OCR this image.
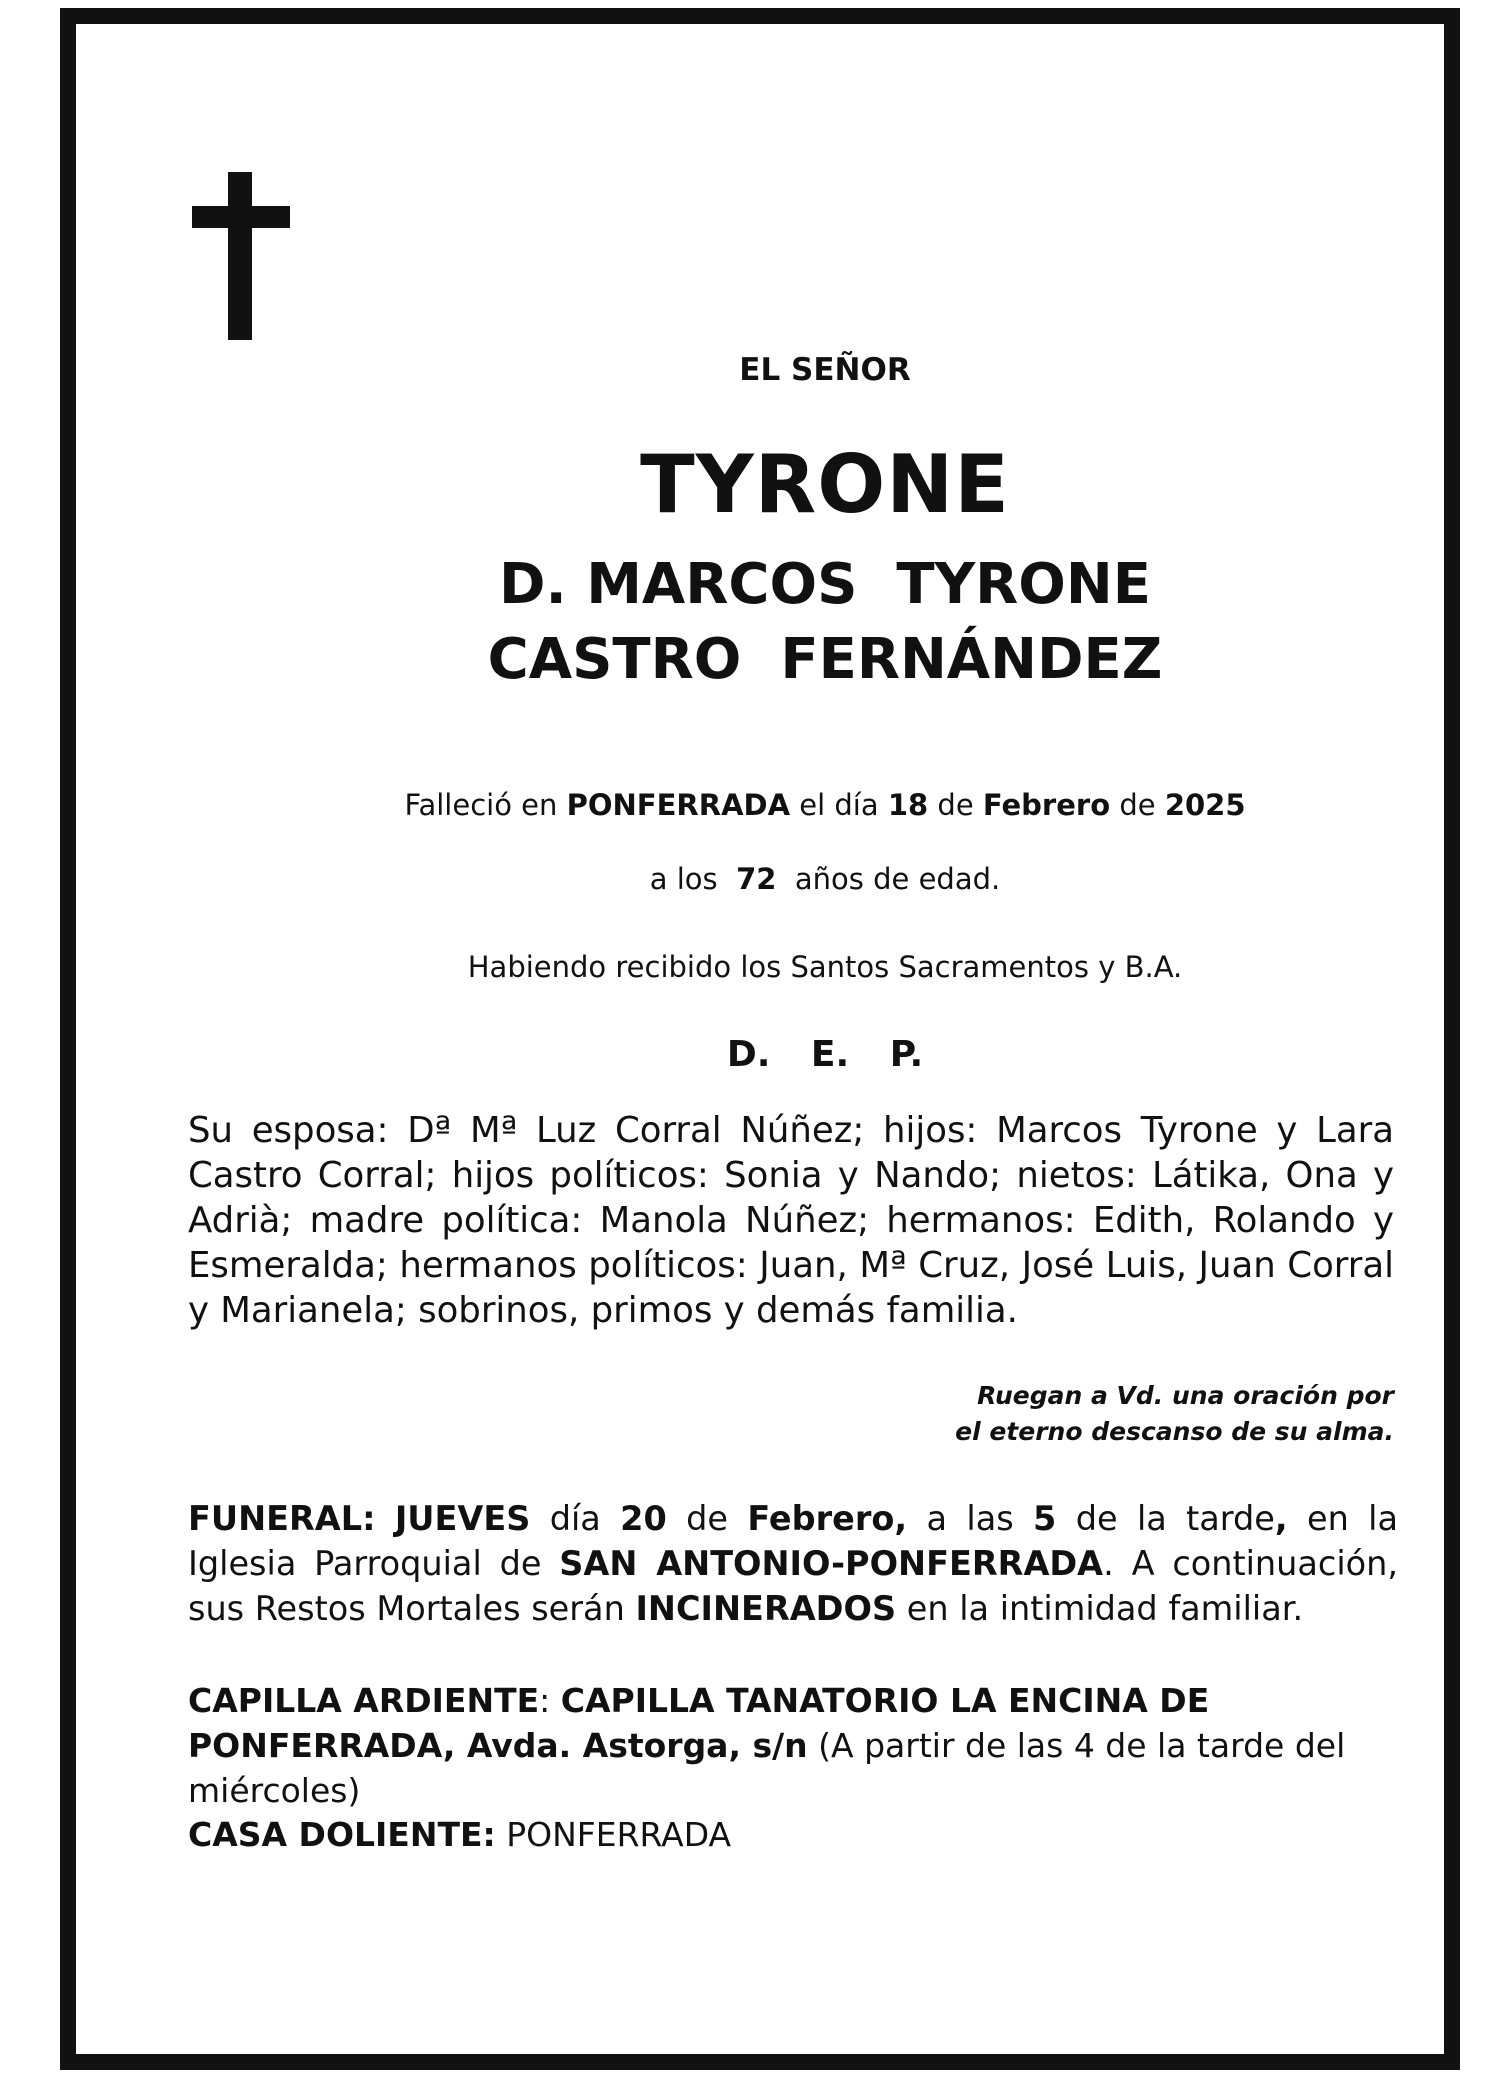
EL SEÑOR
TYRONE
D. MARCOS  TYRONE
CASTRO  FERNÁNDEZ
Falleció en PONFERRADA el día 18 de Febrero de 2025
a los 72 años de edad.
Habiendo recibido los Santos Sacramentos y B.A.
D. E. P.
Su esposa: Dª Mª Luz Corral Núñez; hijos: Marcos Tyrone y Lara Castro Corral; hijos políticos: Sonia y Nando; nietos: Látika, Ona y Adrià; madre política: Manola Núñez; hermanos: Edith, Rolando y Esmeralda; hermanos políticos: Juan, Mª Cruz, José Luis, Juan Corral y Marianela; sobrinos, primos y demás familia.
Ruegan a Vd. una oración por
el eterno descanso de su alma.
FUNERAL: JUEVES día 20 de Febrero, a las 5 de la tarde, en la Iglesia Parroquial de SAN ANTONIO-PONFERRADA. A continuación, sus Restos Mortales serán INCINERADOS en la intimidad familiar.
CAPILLA ARDIENTE: CAPILLA TANATORIO LA ENCINA DE PONFERRADA, Avda. Astorga, s/n (A partir de las 4 de la tarde del miércoles)
CASA DOLIENTE: PONFERRADA
